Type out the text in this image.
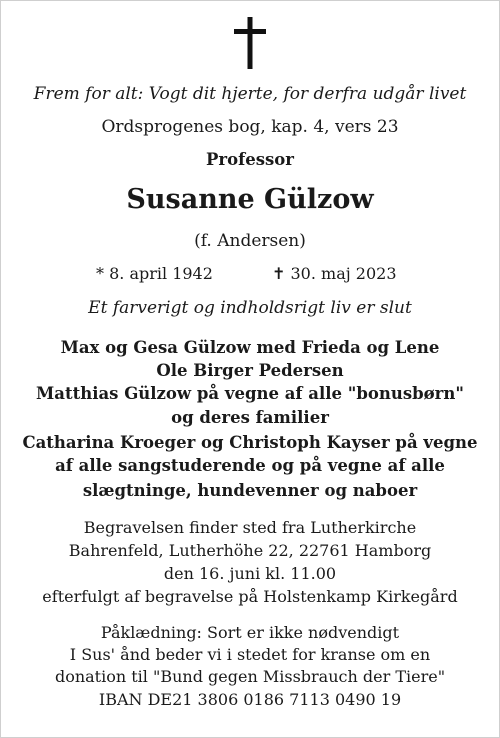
Frem for alt: Vogt dit hjerte, for derfra udgår livet
Ordsprogenes bog, kap. 4, vers 23
Professor
Susanne Gülzow
(f. Andersen)
* 8. april 1942	✝ 30. maj 2023
Et farverigt og indholdsrigt liv er slut
Max og Gesa Gülzow med Frieda og Lene
Ole Birger Pedersen
Matthias Gülzow på vegne af alle "bonusbørn"
og deres familier
Catharina Kroeger og Christoph Kayser på vegne
af alle sangstuderende og på vegne af alle
slægtninge, hundevenner og naboer
Begravelsen finder sted fra Lutherkirche
Bahrenfeld, Lutherhöhe 22, 22761 Hamborg
den 16. juni kl. 11.00
efterfulgt af begravelse på Holstenkamp Kirkegård
Påklædning: Sort er ikke nødvendigt
I Sus' ånd beder vi i stedet for kranse om en
donation til "Bund gegen Missbrauch der Tiere"
IBAN DE21 3806 0186 7113 0490 19
